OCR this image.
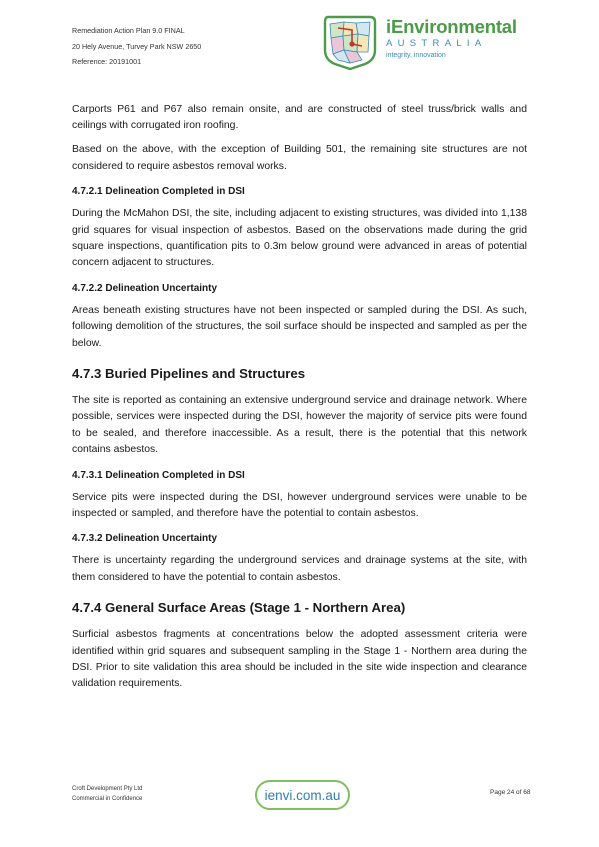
Remediation Action Plan 9.0 FINAL
20 Hely Avenue, Turvey Park NSW 2650
Reference: 20191001
iEnvironmental
AUSTRALIA
integrity, innovation

Carports P61 and P67 also remain onsite, and are constructed of steel truss/brick walls and ceilings with corrugated iron roofing.

Based on the above, with the exception of Building 501, the remaining site structures are not considered to require asbestos removal works.

4.7.2.1 Delineation Completed in DSI

During the McMahon DSI, the site, including adjacent to existing structures, was divided into 1,138 grid squares for visual inspection of asbestos. Based on the observations made during the grid square inspections, quantification pits to 0.3m below ground were advanced in areas of potential concern adjacent to structures.

4.7.2.2 Delineation Uncertainty

Areas beneath existing structures have not been inspected or sampled during the DSI. As such, following demolition of the structures, the soil surface should be inspected and sampled as per the below.

4.7.3 Buried Pipelines and Structures

The site is reported as containing an extensive underground service and drainage network. Where possible, services were inspected during the DSI, however the majority of service pits were found to be sealed, and therefore inaccessible. As a result, there is the potential that this network contains asbestos.

4.7.3.1 Delineation Completed in DSI

Service pits were inspected during the DSI, however underground services were unable to be inspected or sampled, and therefore have the potential to contain asbestos.

4.7.3.2 Delineation Uncertainty

There is uncertainty regarding the underground services and drainage systems at the site, with them considered to have the potential to contain asbestos.

4.7.4 General Surface Areas (Stage 1 - Northern Area)

Surficial asbestos fragments at concentrations below the adopted assessment criteria were identified within grid squares and subsequent sampling in the Stage 1 - Northern area during the DSI. Prior to site validation this area should be included in the site wide inspection and clearance validation requirements.

Croft Development Pty Ltd
Commercial in Confidence	ienvi.com.au	Page 24 of 68
